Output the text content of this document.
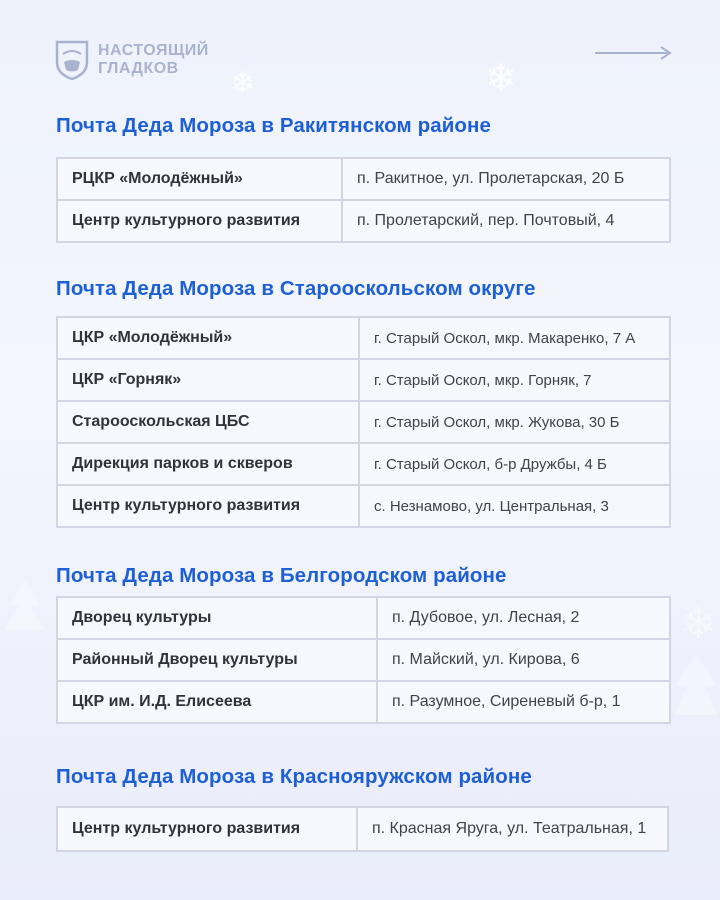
НАСТОЯЩИЙ
ГЛАДКОВ	❄	❄
❄
Почта Деда Мороза в Ракитянском районе
РЦКР «Молодёжный»	п. Ракитное, ул. Пролетарская, 20 Б
Центр культурного развития	п. Пролетарский, пер. Почтовый, 4
Почта Деда Мороза в Старооскольском округе
ЦКР «Молодёжный»	г. Старый Оскол, мкр. Макаренко, 7 А
ЦКР «Горняк»	г. Старый Оскол, мкр. Горняк, 7
Старооскольская ЦБС	г. Старый Оскол, мкр. Жукова, 30 Б
Дирекция парков и скверов	г. Старый Оскол, б-р Дружбы, 4 Б
Центр культурного развития	с. Незнамово, ул. Центральная, 3
Почта Деда Мороза в Белгородском районе
Дворец культуры	п. Дубовое, ул. Лесная, 2
Районный Дворец культуры	п. Майский, ул. Кирова, 6
ЦКР им. И.Д. Елисеева	п. Разумное, Сиреневый б-р, 1
Почта Деда Мороза в Краснояружском районе
Центр культурного развития	п. Красная Яруга, ул. Театральная, 1
